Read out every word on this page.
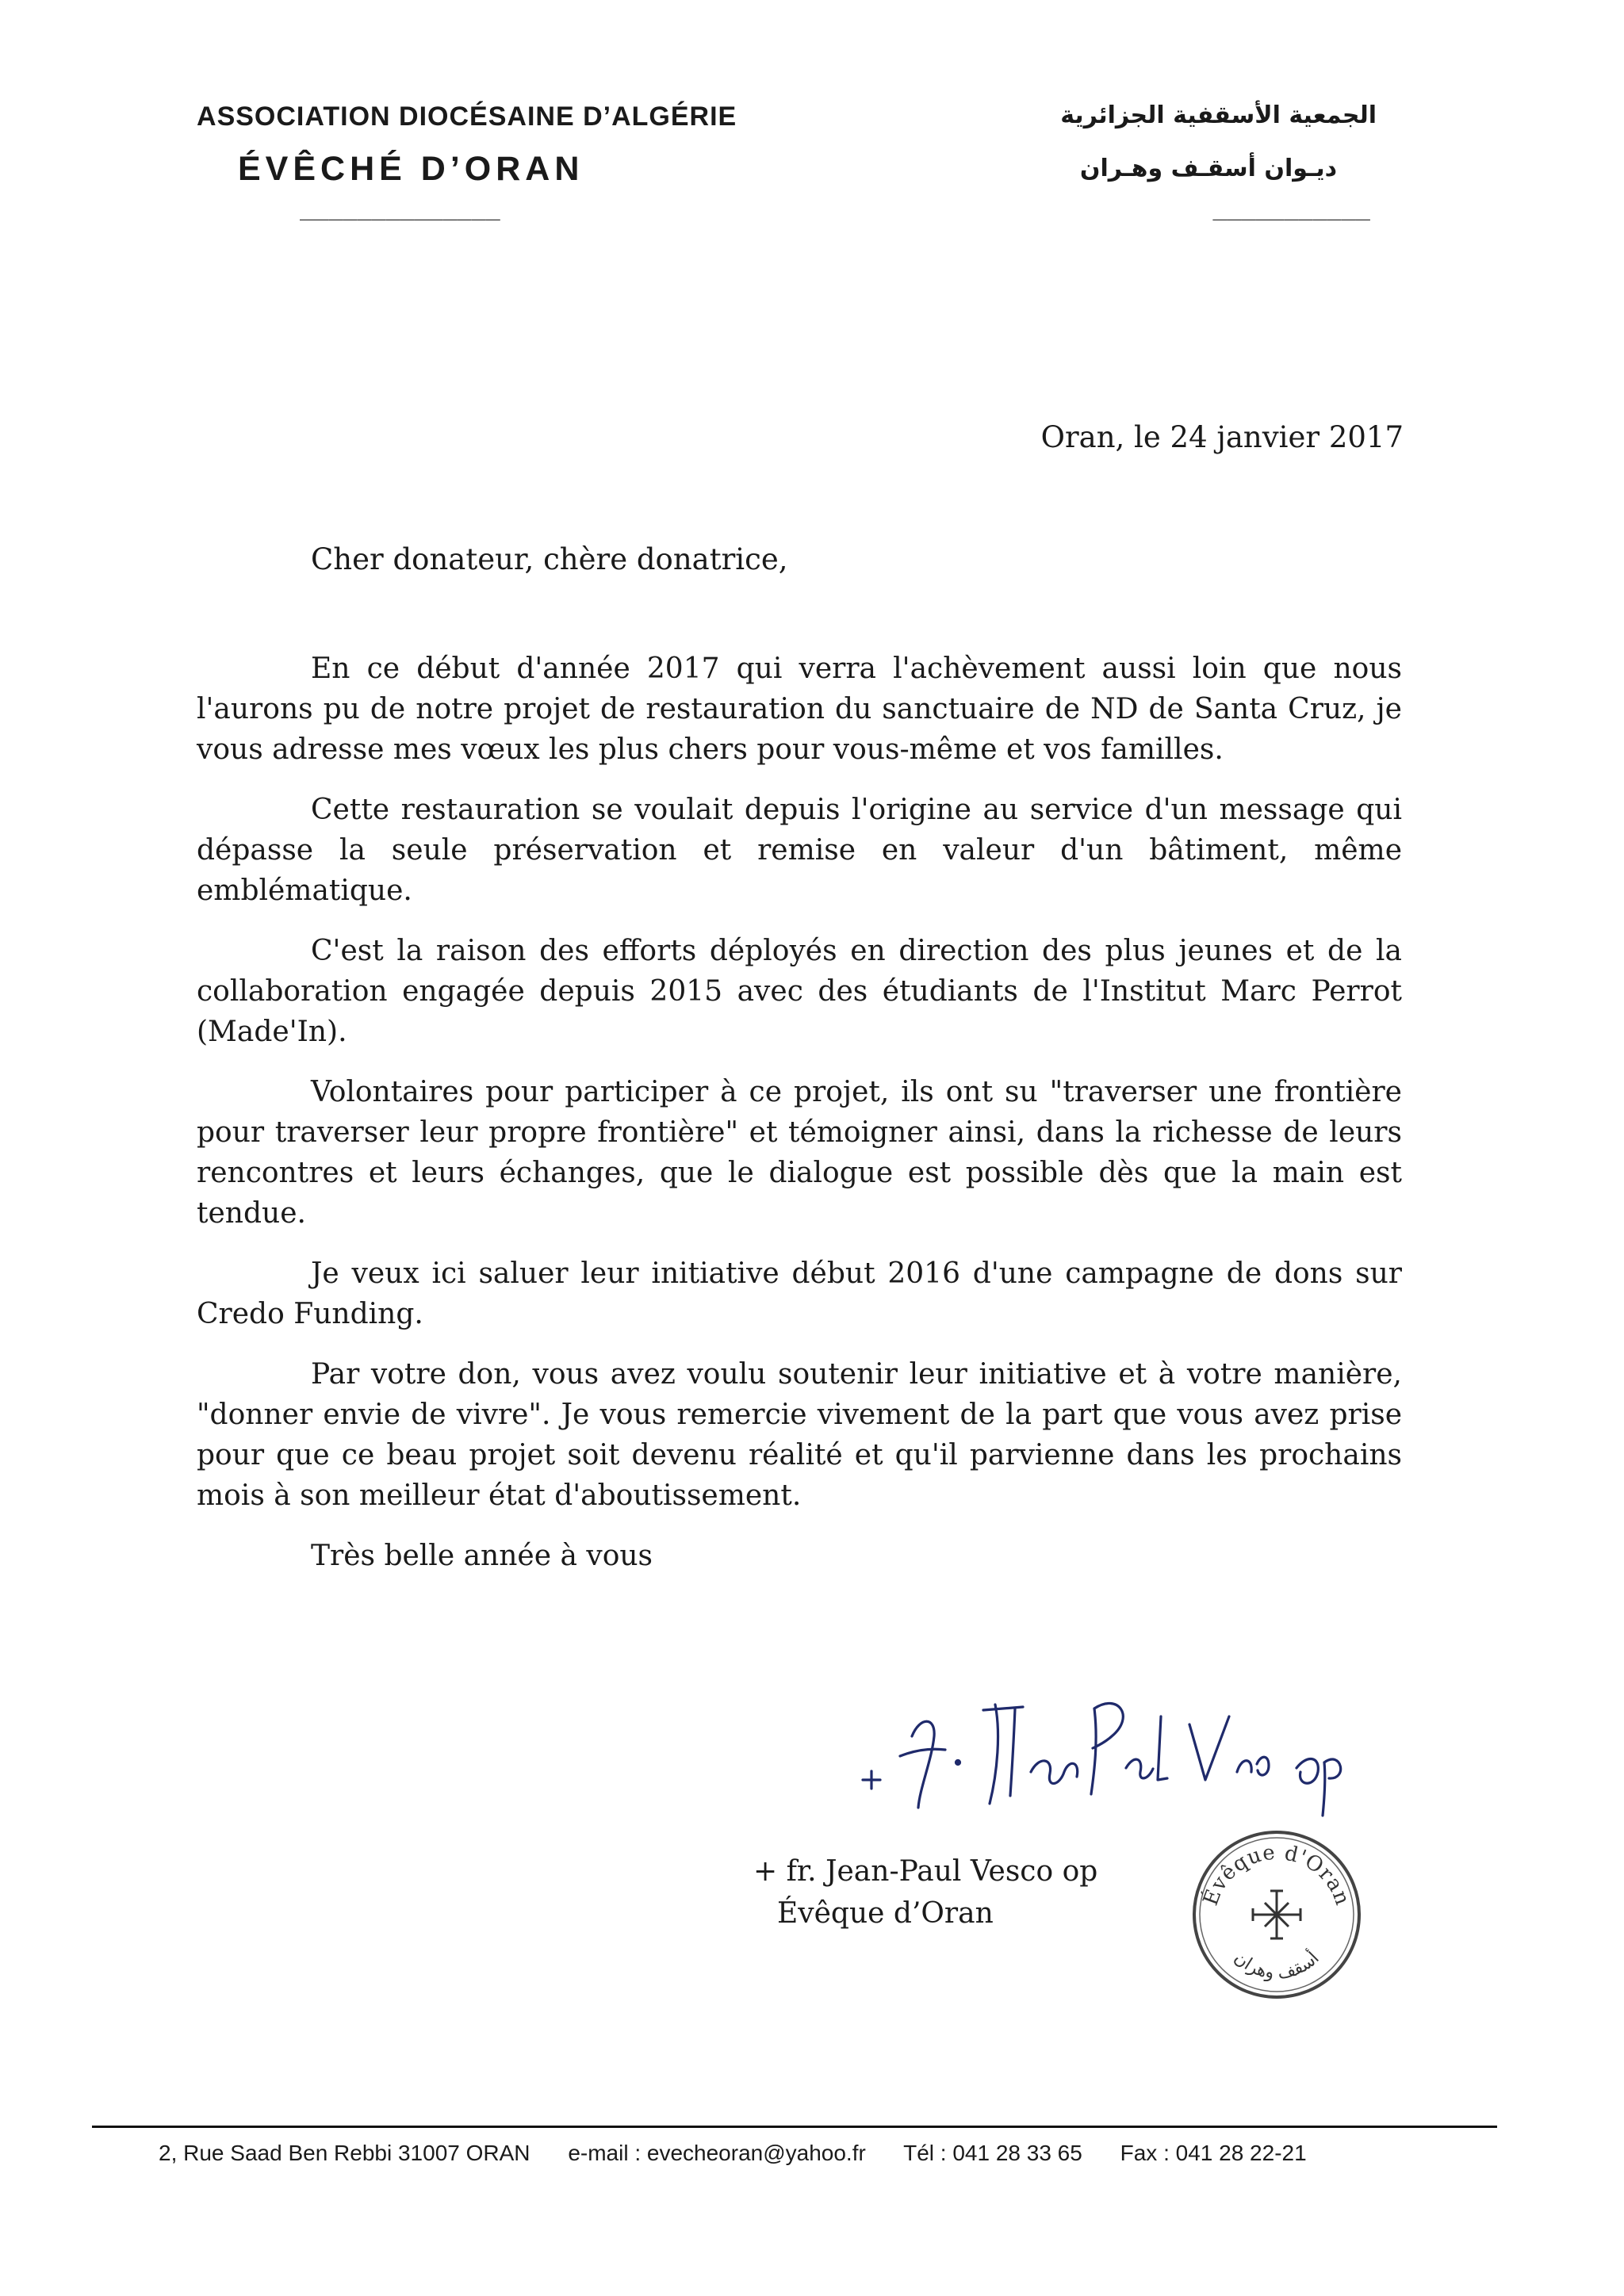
ASSOCIATION DIOCÉSAINE D’ALGÉRIE
ÉVÊCHÉ D’ORAN
______________
الجمعية الأسقفية الجزائرية
ديـوان أسقـف وهـران
___________
Oran, le 24 janvier 2017
Cher donateur, chère donatrice,

En ce début d'année 2017 qui verra l'achèvement aussi loin que nous l'aurons pu de notre projet de restauration du sanctuaire de ND de Santa Cruz, je vous adresse mes vœux les plus chers pour vous-même et vos familles.

Cette restauration se voulait depuis l'origine au service d'un message qui dépasse la seule préservation et remise en valeur d'un bâtiment, même emblématique.

C'est la raison des efforts déployés en direction des plus jeunes et de la collaboration engagée depuis 2015 avec des étudiants de l'Institut Marc Perrot (Made'In).

Volontaires pour participer à ce projet, ils ont su "traverser une frontière pour traverser leur propre frontière" et témoigner ainsi, dans la richesse de leurs rencontres et leurs échanges, que le dialogue est possible dès que la main est tendue.

Je veux ici saluer leur initiative début 2016 d'une campagne de dons sur Credo Funding.

Par votre don, vous avez voulu soutenir leur initiative et à votre manière, "donner envie de vivre". Je vous remercie vivement de la part que vous avez prise pour que ce beau projet soit devenu réalité et qu'il parvienne dans les prochains mois à son meilleur état d'aboutissement.

Très belle année à vous

+ fr. Jean-Paul Vesco op
Évêque d’Oran
Évêque d'Oran
أسقف وهران
2, Rue Saad Ben Rebbi 31007 ORAN e-mail : evecheoran@yahoo.fr Tél : 041 28 33 65 Fax : 041 28 22-21
